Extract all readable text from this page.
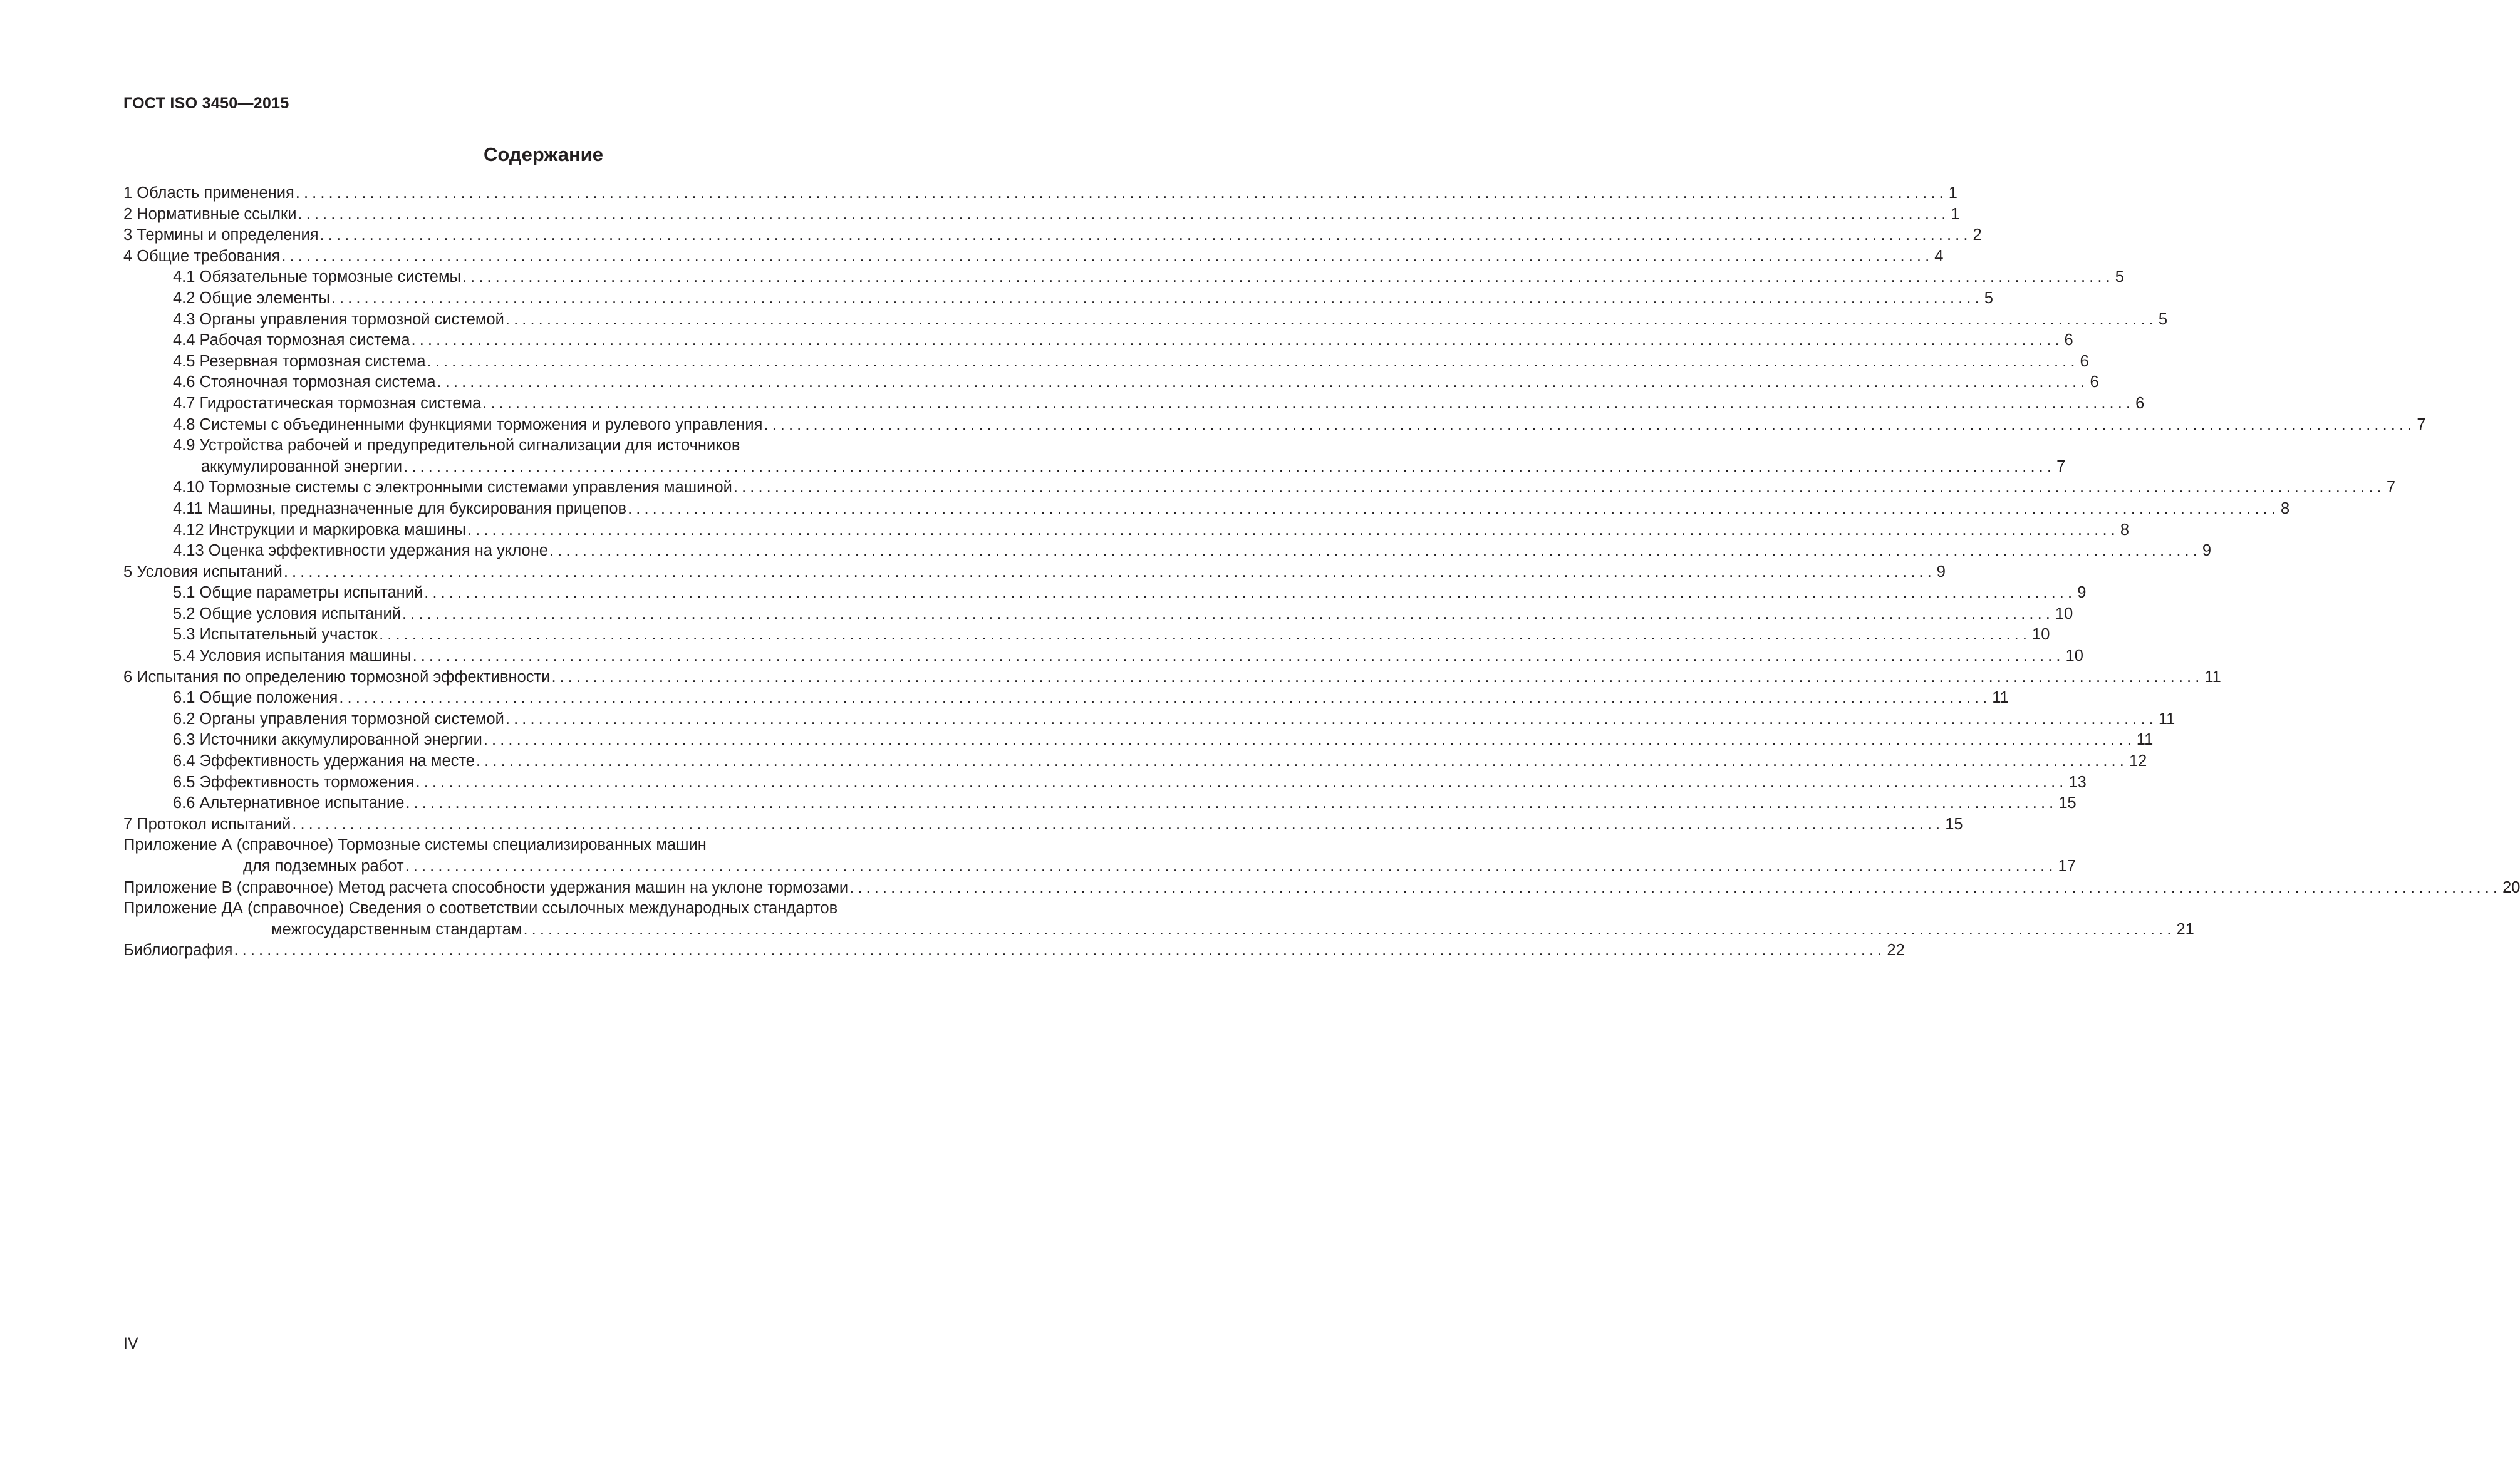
ГОСТ ISO 3450—2015
Содержание
1 Область применения ........................................................................................................................................................................................................ 1
2 Нормативные ссылки ........................................................................................................................................................................................................ 1
3 Термины и определения ........................................................................................................................................................................................................ 2
4 Общие требования ........................................................................................................................................................................................................ 4
4.1 Обязательные тормозные системы ........................................................................................................................................................................................................ 5
4.2 Общие элементы ........................................................................................................................................................................................................ 5
4.3 Органы управления тормозной системой ........................................................................................................................................................................................................ 5
4.4 Рабочая тормозная система ........................................................................................................................................................................................................ 6
4.5 Резервная тормозная система ........................................................................................................................................................................................................ 6
4.6 Стояночная тормозная система ........................................................................................................................................................................................................ 6
4.7 Гидростатическая тормозная система ........................................................................................................................................................................................................ 6
4.8 Системы с объединенными функциями торможения и рулевого управления ........................................................................................................................................................................................................ 7
4.9 Устройства рабочей и предупредительной сигнализации для источников
аккумулированной энергии ........................................................................................................................................................................................................ 7
4.10 Тормозные системы с электронными системами управления машиной ........................................................................................................................................................................................................ 7
4.11 Машины, предназначенные для буксирования прицепов ........................................................................................................................................................................................................ 8
4.12 Инструкции и маркировка машины ........................................................................................................................................................................................................ 8
4.13 Оценка эффективности удержания на уклоне ........................................................................................................................................................................................................ 9
5 Условия испытаний ........................................................................................................................................................................................................ 9
5.1 Общие параметры испытаний ........................................................................................................................................................................................................ 9
5.2 Общие условия испытаний ........................................................................................................................................................................................................ 10
5.3 Испытательный участок ........................................................................................................................................................................................................ 10
5.4 Условия испытания машины ........................................................................................................................................................................................................ 10
6 Испытания по определению тормозной эффективности ........................................................................................................................................................................................................ 11
6.1 Общие положения ........................................................................................................................................................................................................ 11
6.2 Органы управления тормозной системой ........................................................................................................................................................................................................ 11
6.3 Источники аккумулированной энергии ........................................................................................................................................................................................................ 11
6.4 Эффективность удержания на месте ........................................................................................................................................................................................................ 12
6.5 Эффективность торможения ........................................................................................................................................................................................................ 13
6.6 Альтернативное испытание ........................................................................................................................................................................................................ 15
7 Протокол испытаний ........................................................................................................................................................................................................ 15
Приложение А (справочное) Тормозные системы специализированных машин
для подземных работ ........................................................................................................................................................................................................ 17
Приложение В (справочное) Метод расчета способности удержания машин на уклоне тормозами ........................................................................................................................................................................................................ 20
Приложение ДА (справочное) Сведения о соответствии ссылочных международных стандартов
межгосударственным стандартам ........................................................................................................................................................................................................ 21
Библиография ........................................................................................................................................................................................................ 22
IV
